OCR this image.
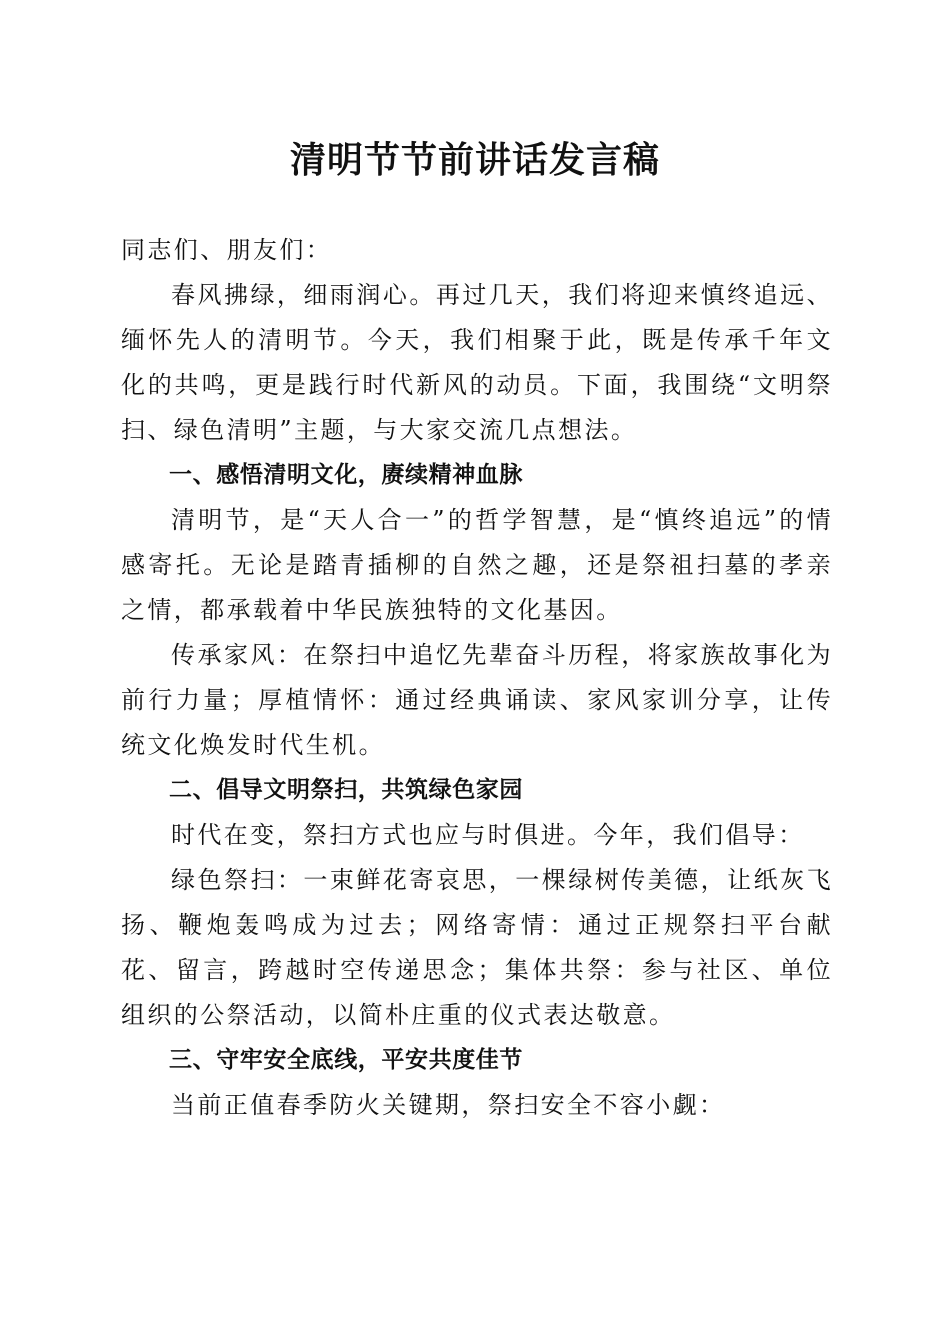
清明节节前讲话发言稿

同志们、朋友们：

春风拂绿，细雨润心。再过几天，我们将迎来慎终追远、缅怀先人的清明节。今天，我们相聚于此，既是传承千年文化的共鸣，更是践行时代新风的动员。下面，我围绕“文明祭扫、绿色清明”主题，与大家交流几点想法。

一、感悟清明文化，赓续精神血脉

清明节，是“天人合一”的哲学智慧，是“慎终追远”的情感寄托。无论是踏青插柳的自然之趣，还是祭祖扫墓的孝亲之情，都承载着中华民族独特的文化基因。

传承家风：在祭扫中追忆先辈奋斗历程，将家族故事化为前行力量；厚植情怀：通过经典诵读、家风家训分享，让传统文化焕发时代生机。

二、倡导文明祭扫，共筑绿色家园

时代在变，祭扫方式也应与时俱进。今年，我们倡导：

绿色祭扫：一束鲜花寄哀思，一棵绿树传美德，让纸灰飞扬、鞭炮轰鸣成为过去；网络寄情：通过正规祭扫平台献花、留言，跨越时空传递思念；集体共祭：参与社区、单位组织的公祭活动，以简朴庄重的仪式表达敬意。

三、守牢安全底线，平安共度佳节

当前正值春季防火关键期，祭扫安全不容小觑：
